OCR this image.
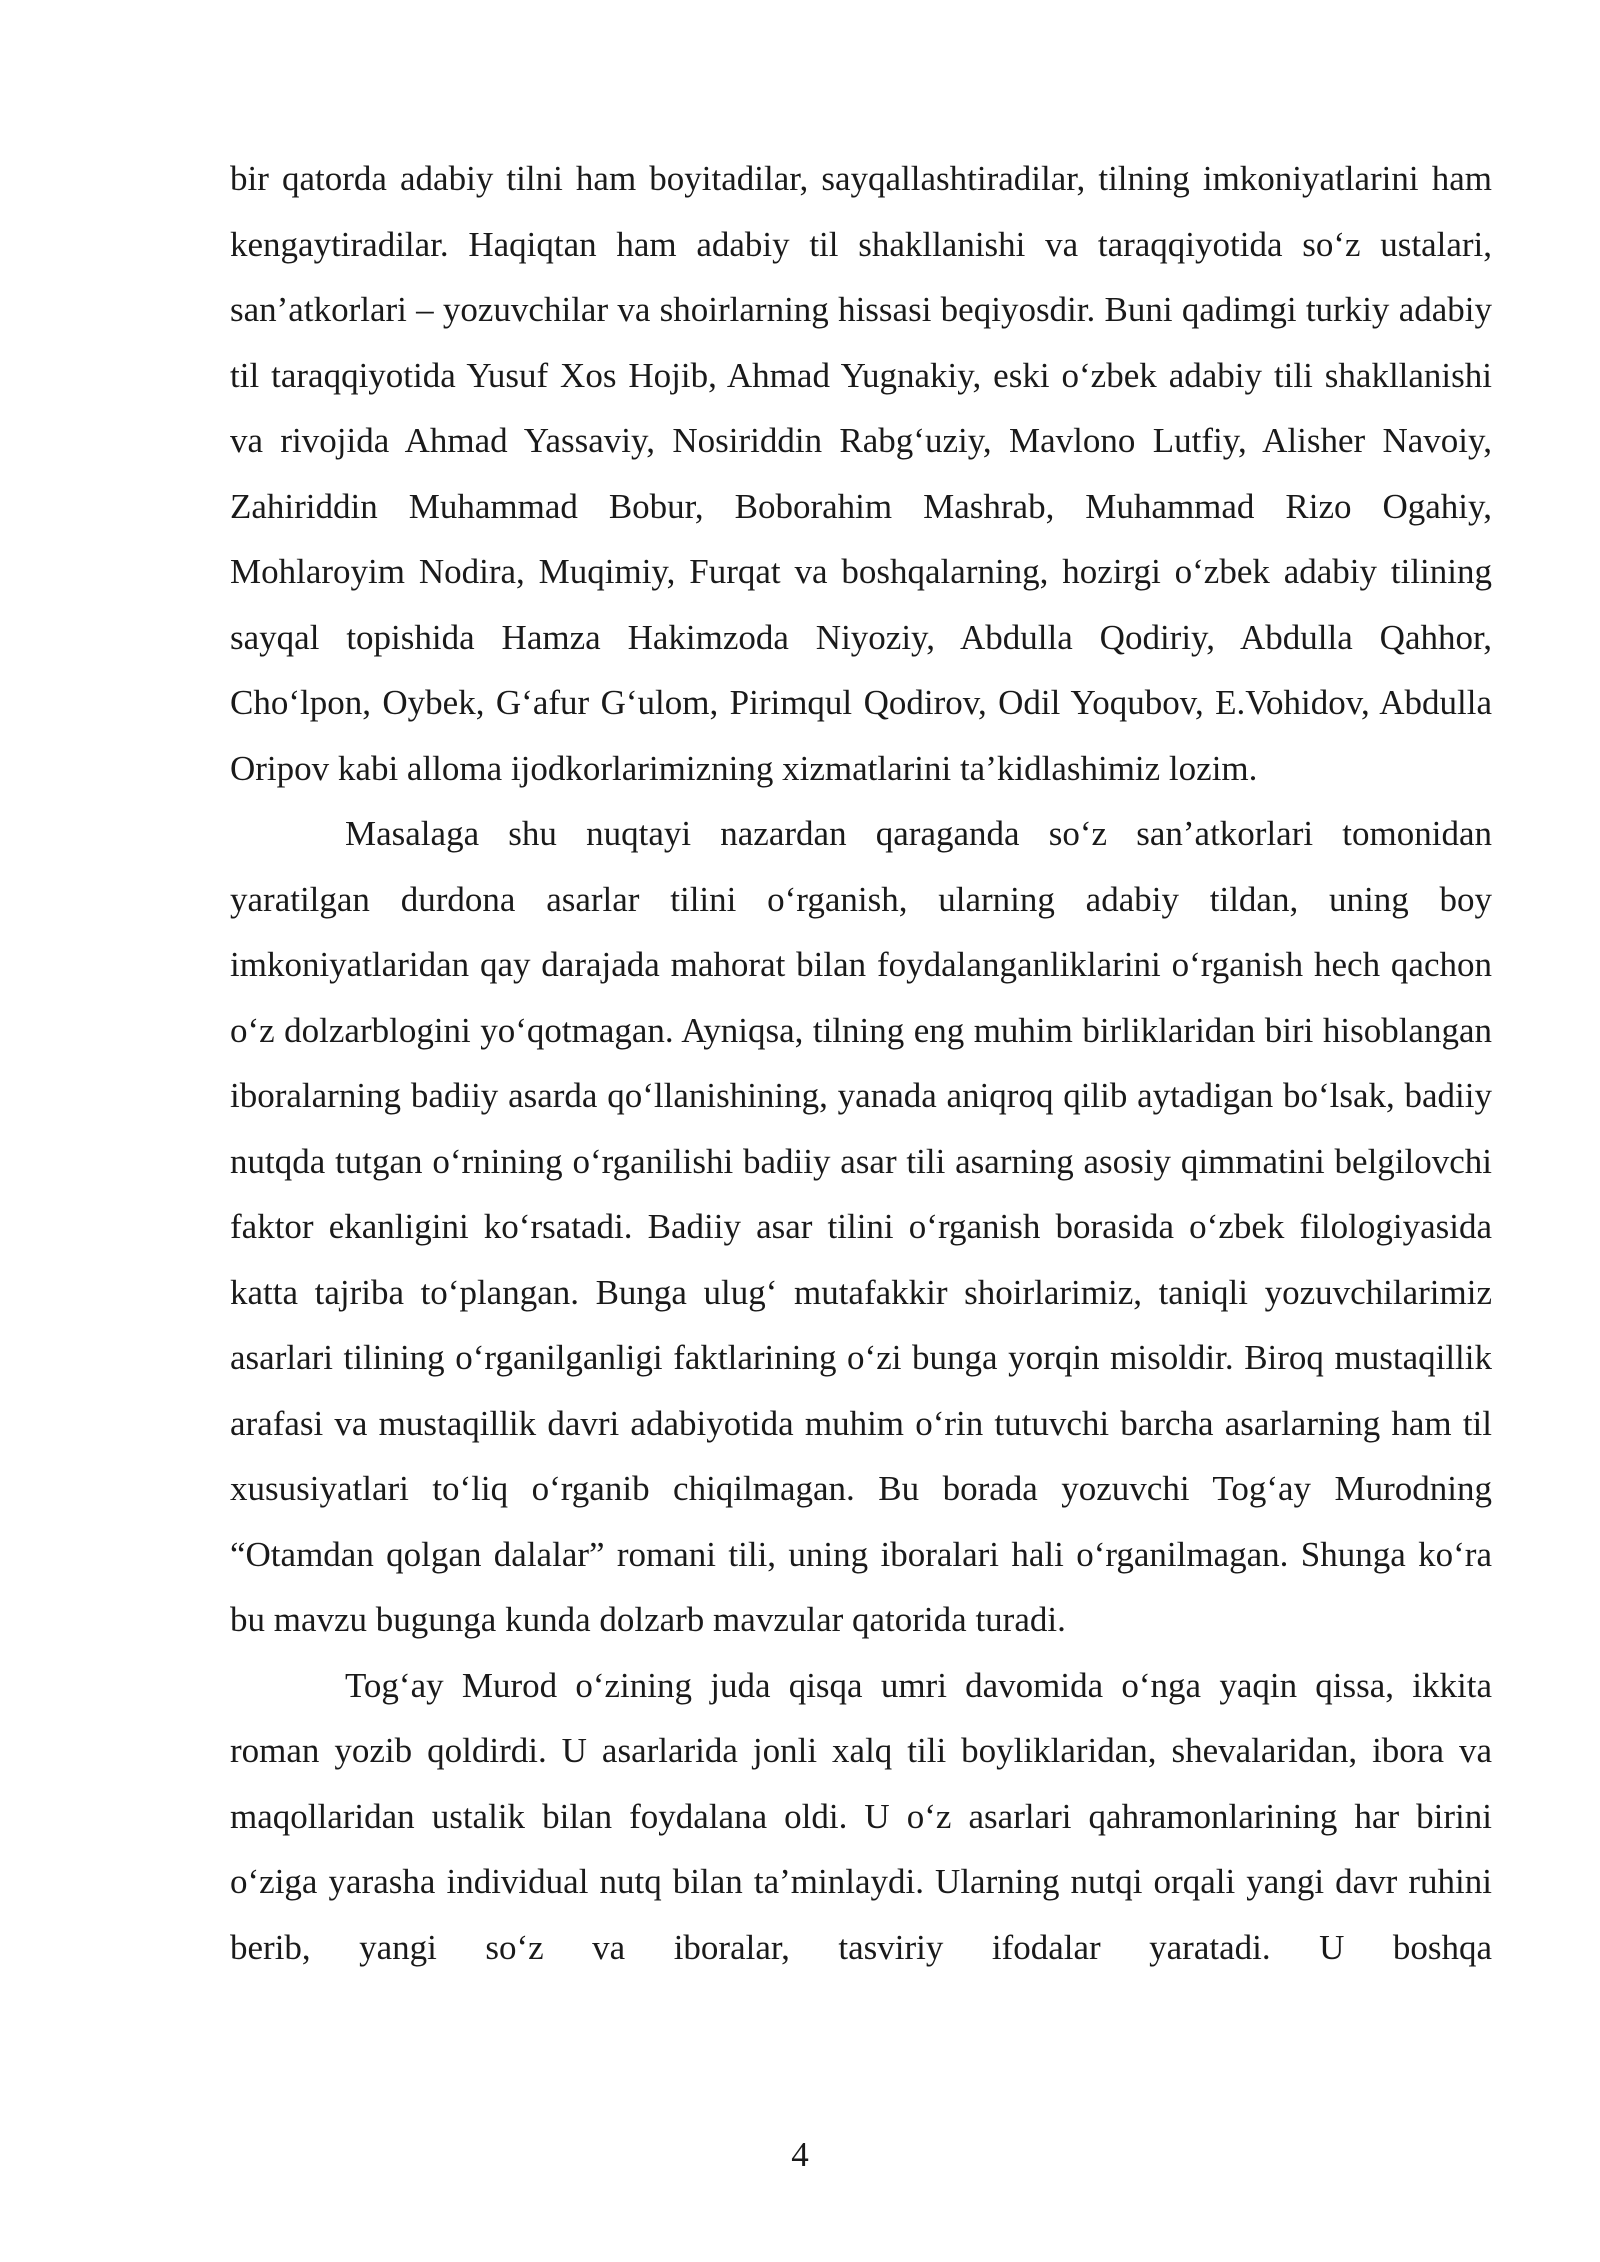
bir qatorda adabiy tilni ham boyitadilar, sayqallashtiradilar, tilning imkoniyatlarini ham kengaytiradilar. Haqiqtan ham adabiy til shakllanishi va taraqqiyotida so‘z ustalari, san’atkorlari – yozuvchilar va shoirlarning hissasi beqiyosdir. Buni qadimgi turkiy adabiy til taraqqiyotida Yusuf Xos Hojib, Ahmad Yugnakiy, eski o‘zbek adabiy tili shakllanishi va rivojida Ahmad Yassaviy, Nosiriddin Rabg‘uziy, Mavlono Lutfiy, Alisher Navoiy, Zahiriddin Muhammad Bobur, Boborahim Mashrab, Muhammad Rizo Ogahiy, Mohlaroyim Nodira, Muqimiy, Furqat va boshqalarning, hozirgi o‘zbek adabiy tilining sayqal topishida Hamza Hakimzoda Niyoziy, Abdulla Qodiriy, Abdulla Qahhor, Cho‘lpon, Oybek, G‘afur G‘ulom, Pirimqul Qodirov, Odil Yoqubov, E.Vohidov, Abdulla Oripov kabi alloma ijodkorlarimizning xizmatlarini ta’kidlashimiz lozim.

Masalaga shu nuqtayi nazardan qaraganda so‘z san’atkorlari tomonidan yaratilgan durdona asarlar tilini o‘rganish, ularning adabiy tildan, uning boy imkoniyatlaridan qay darajada mahorat bilan foydalanganliklarini o‘rganish hech qachon o‘z dolzarblogini yo‘qotmagan. Ayniqsa, tilning eng muhim birliklaridan biri hisoblangan iboralarning badiiy asarda qo‘llanishining, yanada aniqroq qilib aytadigan bo‘lsak, badiiy nutqda tutgan o‘rnining o‘rganilishi badiiy asar tili asarning asosiy qimmatini belgilovchi faktor ekanligini ko‘rsatadi. Badiiy asar tilini o‘rganish borasida o‘zbek filologiyasida katta tajriba to‘plangan. Bunga ulug‘ mutafakkir shoirlarimiz, taniqli yozuvchilarimiz asarlari tilining o‘rganilganligi faktlarining o‘zi bunga yorqin misoldir. Biroq mustaqillik arafasi va mustaqillik davri adabiyotida muhim o‘rin tutuvchi barcha asarlarning ham til xususiyatlari to‘liq o‘rganib chiqilmagan. Bu borada yozuvchi Tog‘ay Murodning “Otamdan qolgan dalalar” romani tili, uning iboralari hali o‘rganilmagan. Shunga ko‘ra bu mavzu bugunga kunda dolzarb mavzular qatorida turadi.

Tog‘ay Murod o‘zining juda qisqa umri davomida o‘nga yaqin qissa, ikkita roman yozib qoldirdi. U asarlarida jonli xalq tili boyliklaridan, shevalaridan, ibora va maqollaridan ustalik bilan foydalana oldi. U o‘z asarlari qahramonlarining har birini o‘ziga yarasha individual nutq bilan ta’minlaydi. Ularning nutqi orqali yangi davr ruhini berib, yangi so‘z va iboralar, tasviriy ifodalar yaratadi. U boshqa

4
